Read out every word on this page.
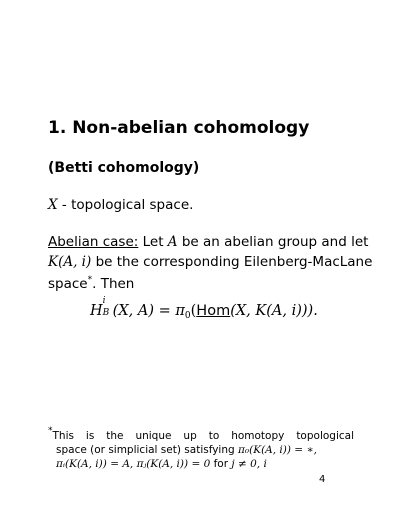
1. Non-abelian cohomology
(Betti cohomology)
X - topological space.
Abelian case: Let A be an abelian group and let
K(A, i) be the corresponding Eilenberg-MacLane
space*. Then
H
i
B (X, $A) = \pi_0(Hom(X$, K(A, i))).
*This is the unique up to homotopy topological
space (or simplicial set) satisfying π₀(K(A, i)) = ∗,
πᵢ(K(A, i)) = A, πⱼ(K(A, i)) = 0 for j ≠ 0, i
4
